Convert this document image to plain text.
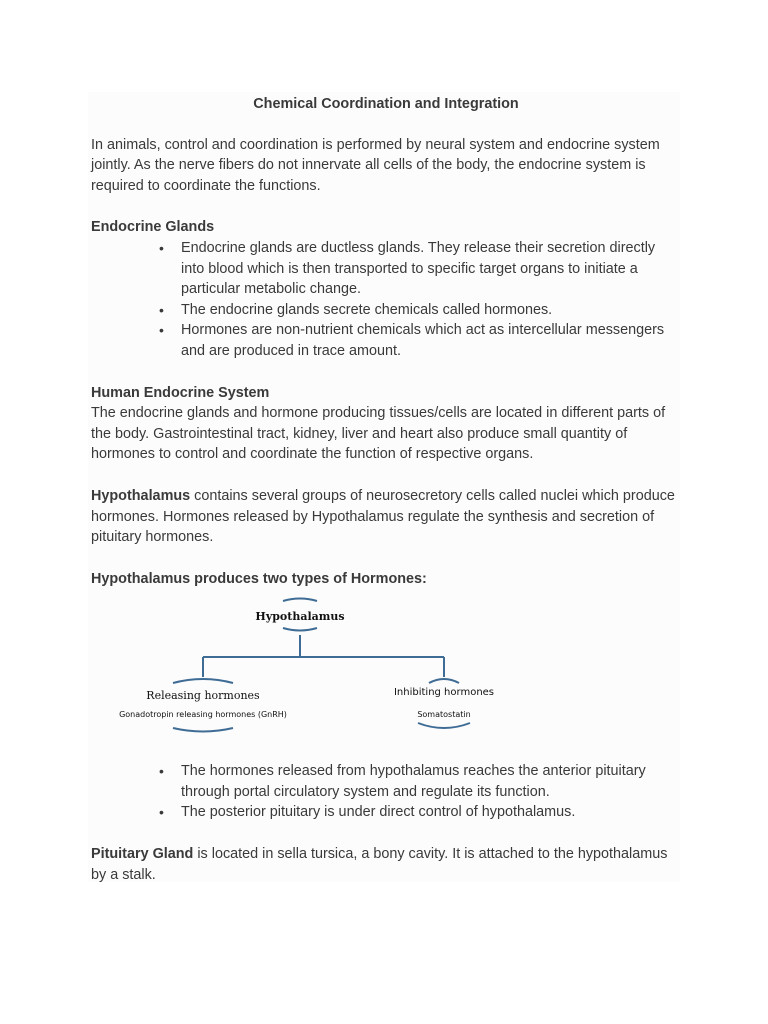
Chemical Coordination and Integration

In animals, control and coordination is performed by neural system and endocrine system jointly. As the nerve fibers do not innervate all cells of the body, the endocrine system is required to coordinate the functions.

Endocrine Glands

• Endocrine glands are ductless glands. They release their secretion directly into blood which is then transported to specific target organs to initiate a particular metabolic change.
• The endocrine glands secrete chemicals called hormones.
• Hormones are non-nutrient chemicals which act as intercellular messengers and are produced in trace amount.

Human Endocrine System

The endocrine glands and hormone producing tissues/cells are located in different parts of the body. Gastrointestinal tract, kidney, liver and heart also produce small quantity of hormones to control and coordinate the function of respective organs.

Hypothalamus contains several groups of neurosecretory cells called nuclei which produce hormones. Hormones released by Hypothalamus regulate the synthesis and secretion of pituitary hormones.

Hypothalamus produces two types of Hormones:

Hypothalamus
Releasing hormones
Gonadotropin releasing hormones (GnRH)
Inhibiting hormones
Somatostatin
• The hormones released from hypothalamus reaches the anterior pituitary through portal circulatory system and regulate its function.
• The posterior pituitary is under direct control of hypothalamus.

Pituitary Gland is located in sella tursica, a bony cavity. It is attached to the hypothalamus by a stalk.
